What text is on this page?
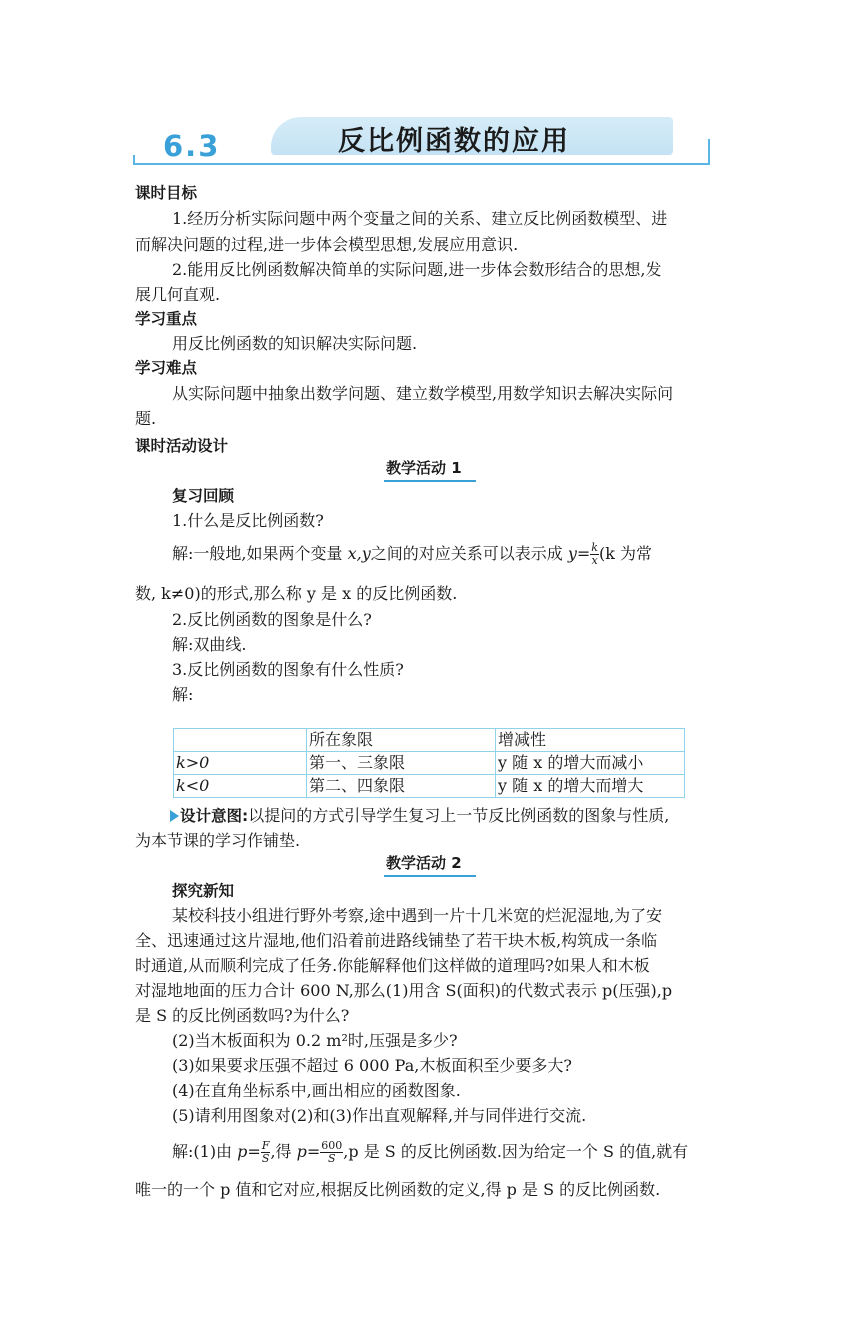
6.3	反比例函数的应用
课时目标
1.经历分析实际问题中两个变量之间的关系、建立反比例函数模型、进
而解决问题的过程,进一步体会模型思想,发展应用意识.
2.能用反比例函数解决简单的实际问题,进一步体会数形结合的思想,发
展几何直观.
学习重点
用反比例函数的知识解决实际问题.
学习难点
从实际问题中抽象出数学问题、建立数学模型,用数学知识去解决实际问
题.
课时活动设计
教学活动 1
复习回顾
1.什么是反比例函数?
解:一般地,如果两个变量 x,y之间的对应关系可以表示成 $y= \frac{k}{x} (k$ 为常
数, k≠0)的形式,那么称 y 是 x 的反比例函数.
2.反比例函数的图象是什么?
解:双曲线.
3.反比例函数的图象有什么性质?
解:
	所在象限	增减性
k>0	第一、三象限	y 随 x 的增大而减小
k<0	第二、四象限	y 随 x 的增大而增大
设计意图:以提问的方式引导学生复习上一节反比例函数的图象与性质,
为本节课的学习作铺垫.
教学活动 2
探究新知
某校科技小组进行野外考察,途中遇到一片十几米宽的烂泥湿地,为了安
全、迅速通过这片湿地,他们沿着前进路线铺垫了若干块木板,构筑成一条临
时通道,从而顺利完成了任务.你能解释他们这样做的道理吗?如果人和木板
对湿地地面的压力合计 600 N,那么(1)用含 S(面积)的代数式表示 p(压强),p
是 S 的反比例函数吗?为什么?
(2)当木板面积为 0.2 m²时,压强是多少?
(3)如果要求压强不超过 6 000 Pa,木板面积至少要多大?
(4)在直角坐标系中,画出相应的函数图象.
(5)请利用图象对(2)和(3)作出直观解释,并与同伴进行交流.
解:(1)由 $p= \frac{F}{S}$ ,得 $p= \frac{600}{S} ,p$ 是 S 的反比例函数.因为给定一个 S 的值,就有
唯一的一个 p 值和它对应,根据反比例函数的定义,得 p 是 S 的反比例函数.
